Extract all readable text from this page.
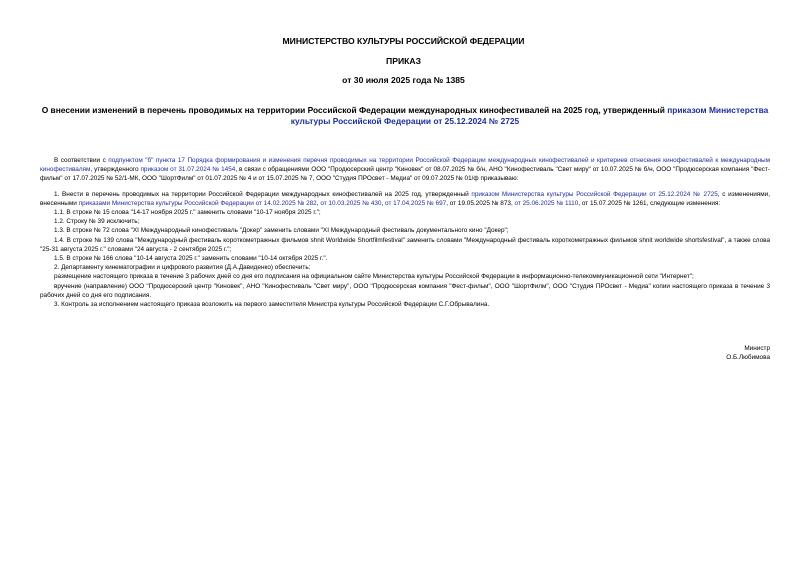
МИНИСТЕРСТВО КУЛЬТУРЫ РОССИЙСКОЙ ФЕДЕРАЦИИ
ПРИКАЗ
от 30 июля 2025 года № 1385
О внесении изменений в перечень проводимых на территории Российской Федерации международных кинофестивалей на 2025 год, утвержденный приказом Министерства культуры Российской Федерации от 25.12.2024 № 2725

В соответствии с подпунктом "б" пункта 17 Порядка формирования и изменения перечня проводимых на территории Российской Федерации международных кинофестивалей и критериев отнесения кинофестивалей к международным кинофестивалям, утвержденного приказом от 31.07.2024 № 1454, в связи с обращениями ООО "Продюсерский центр "Киновек" от 08.07.2025 № б/н, АНО "Кинофестиваль "Свет миру" от 10.07.2025 № б/н, ООО "Продюсерская компания "Фест-фильм" от 17.07.2025 № 52/1-МК, ООО "ШортФилм" от 01.07.2025 № 4 и от 15.07.2025 № 7, ООО "Студия ПРОсвет - Медиа" от 09.07.2025 № 01/ф приказываю:

1. Внести в перечень проводимых на территории Российской Федерации международных кинофестивалей на 2025 год, утвержденный приказом Министерства культуры Российской Федерации от 25.12.2024 № 2725, с изменениями, внесенными приказами Министерства культуры Российской Федерации от 14.02.2025 № 282, от 10.03.2025 № 430, от 17.04.2025 № 697, от 19.05.2025 № 873, от 25.06.2025 № 1110, от 15.07.2025 № 1261, следующие изменения:

1.1. В строке № 15 слова "14-17 ноября 2025 г." заменить словами "10-17 ноября 2025 г.";

1.2. Строку № 39 исключить;

1.3. В строке № 72 слова "XI Международный кинофестиваль "Докер" заменить словами "XI Международный фестиваль документального кино "Докер";

1.4. В строке № 139 слова "Международный фестиваль короткометражных фильмов shnit Worldwide Shortfilmfestival" заменить словами "Международный фестиваль короткометражных фильмов shnit worldwide shortsfestival", а также слова "25-31 августа 2025 г." словами "24 августа - 2 сентября 2025 г.";

1.5. В строке № 166 слова "10-14 августа 2025 г." заменить словами "10-14 октября 2025 г.".

2. Департаменту кинематографии и цифрового развития (Д.А.Давиденко) обеспечить:

размещение настоящего приказа в течение 3 рабочих дней со дня его подписания на официальном сайте Министерства культуры Российской Федерации в информационно-телекоммуникационной сети "Интернет";

вручение (направление) ООО "Продюсерский центр "Киновек", АНО "Кинофестиваль "Свет миру", ООО "Продюсерская компания "Фест-фильм", ООО "ШортФилм", ООО "Студия ПРОсвет - Медиа" копии настоящего приказа в течение 3 рабочих дней со дня его подписания.

3. Контроль за исполнением настоящего приказа возложить на первого заместителя Министра культуры Российской Федерации С.Г.Обрывалина.

Министр
О.Б.Любимова
